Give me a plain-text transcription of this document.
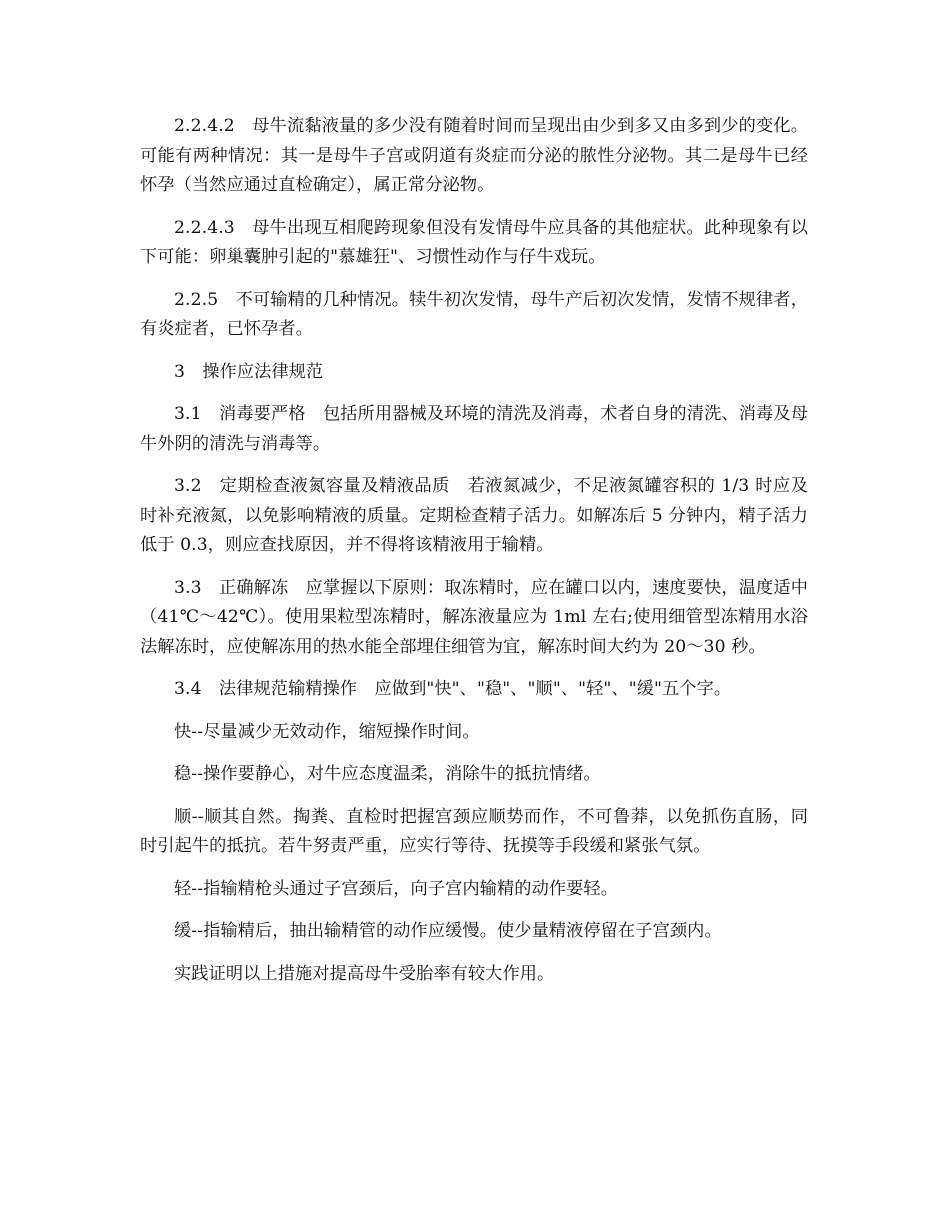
2.2.4.2　母牛流黏液量的多少没有随着时间而呈现出由少到多又由多到少的变化。可能有两种情况：其一是母牛子宫或阴道有炎症而分泌的脓性分泌物。其二是母牛已经怀孕（当然应通过直检确定），属正常分泌物。

2.2.4.3　母牛出现互相爬跨现象但没有发情母牛应具备的其他症状。此种现象有以下可能：卵巢囊肿引起的"慕雄狂"、习惯性动作与仔牛戏玩。

2.2.5　不可输精的几种情况。犊牛初次发情，母牛产后初次发情，发情不规律者，有炎症者，已怀孕者。

3　操作应法律规范

3.1　消毒要严格　包括所用器械及环境的清洗及消毒，术者自身的清洗、消毒及母牛外阴的清洗与消毒等。

3.2　定期检查液氮容量及精液品质　若液氮减少，不足液氮罐容积的 1/3 时应及时补充液氮，以免影响精液的质量。定期检查精子活力。如解冻后 5 分钟内，精子活力低于 0.3，则应查找原因，并不得将该精液用于输精。

3.3　正确解冻　应掌握以下原则：取冻精时，应在罐口以内，速度要快，温度适中（41℃～42℃）。使用果粒型冻精时，解冻液量应为 1ml 左右;使用细管型冻精用水浴法解冻时，应使解冻用的热水能全部埋住细管为宜，解冻时间大约为 20～30 秒。

3.4　法律规范输精操作　应做到"快"、"稳"、"顺"、"轻"、"缓"五个字。

快--尽量减少无效动作，缩短操作时间。

稳--操作要静心，对牛应态度温柔，消除牛的抵抗情绪。

顺--顺其自然。掏粪、直检时把握宫颈应顺势而作，不可鲁莽，以免抓伤直肠，同时引起牛的抵抗。若牛努责严重，应实行等待、抚摸等手段缓和紧张气氛。

轻--指输精枪头通过子宫颈后，向子宫内输精的动作要轻。

缓--指输精后，抽出输精管的动作应缓慢。使少量精液停留在子宫颈内。

实践证明以上措施对提高母牛受胎率有较大作用。
